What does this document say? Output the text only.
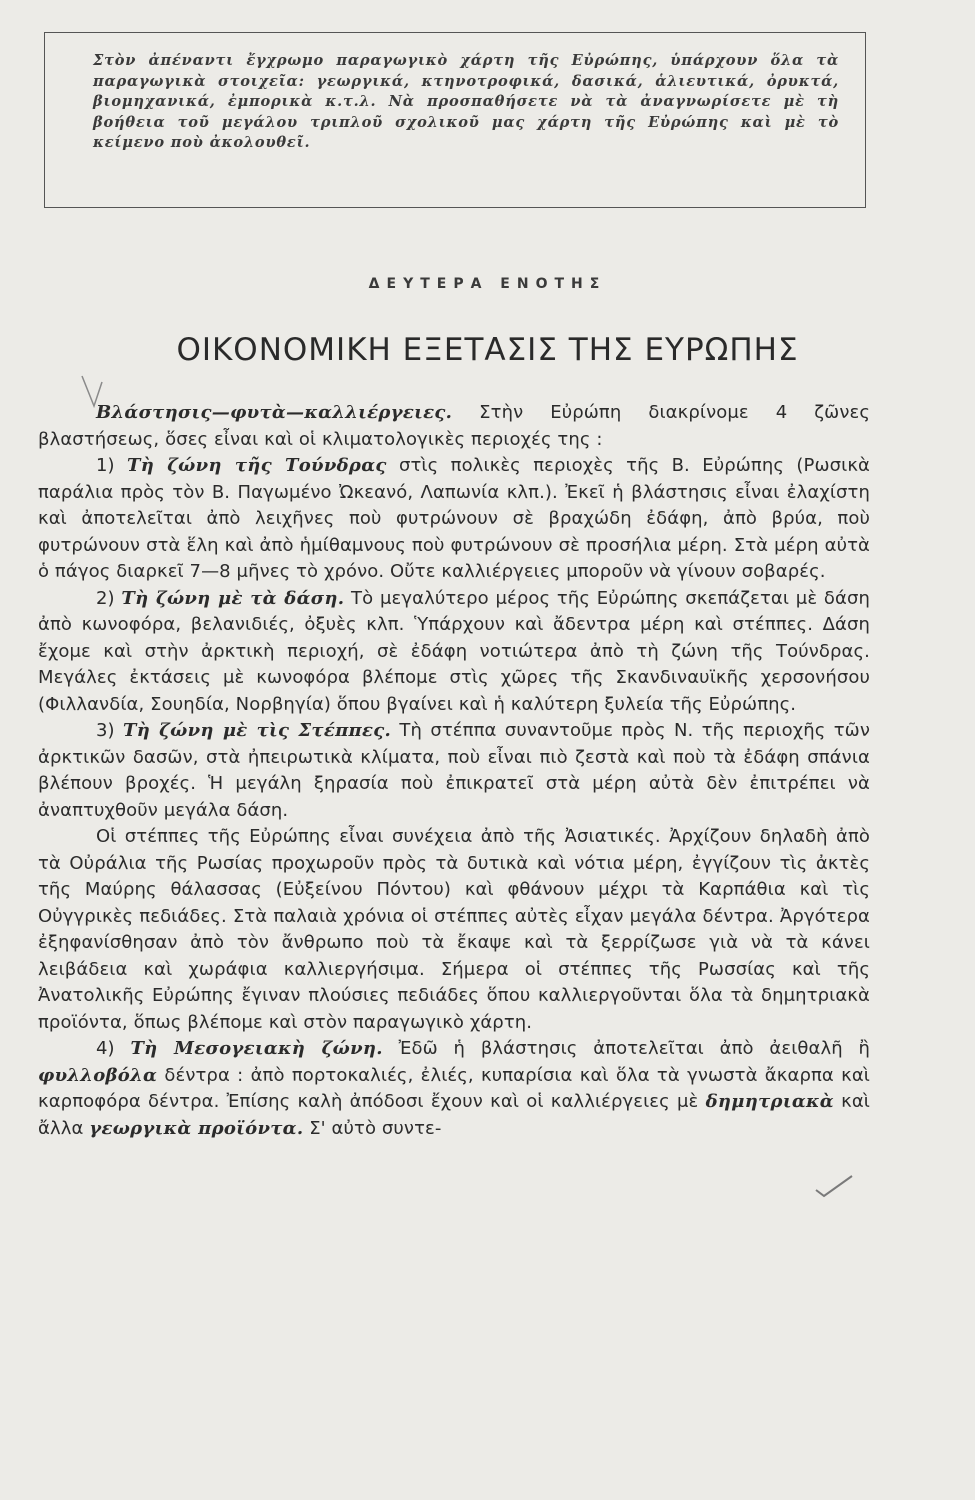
Στὸν ἀπέναντι ἔγχρωμο παραγωγικὸ χάρτη τῆς Εὐρώπης, ὑπάρχουν ὅλα τὰ παραγωγικὰ στοιχεῖα: γεωργικά, κτηνοτροφικά, δασικά, ἁλιευτικά, ὀρυκτά, βιομηχανικά, ἐμπορικὰ κ.τ.λ. Νὰ προσπαθήσετε νὰ τὰ ἀναγνωρίσετε μὲ τὴ βοήθεια τοῦ μεγάλου τριπλοῦ σχολικοῦ μας χάρτη τῆς Εὐρώπης καὶ μὲ τὸ κείμενο ποὺ ἀκολουθεῖ.

ΔΕΥΤΕΡΑ ΕΝΟΤΗΣ
ΟΙΚΟΝΟΜΙΚΗ ΕΞΕΤΑΣΙΣ ΤΗΣ ΕΥΡΩΠΗΣ

Βλάστησις—φυτὰ—καλλιέργειες. Στὴν Εὐρώπη διακρίνομε 4 ζῶνες βλαστήσεως, ὅσες εἶναι καὶ οἱ κλιματολογικὲς περιοχές της :

1) Τὴ ζώνη τῆς Τούνδρας στὶς πολικὲς περιοχὲς τῆς Β. Εὐρώπης (Ρωσικὰ παράλια πρὸς τὸν Β. Παγωμένο Ὠκεανό, Λαπωνία κλπ.). Ἐκεῖ ἡ βλάστησις εἶναι ἐλαχίστη καὶ ἀποτελεῖται ἀπὸ λειχῆνες ποὺ φυτρώνουν σὲ βραχώδη ἐδάφη, ἀπὸ βρύα, ποὺ φυτρώνουν στὰ ἕλη καὶ ἀπὸ ἡμίθαμνους ποὺ φυτρώνουν σὲ προσήλια μέρη. Στὰ μέρη αὐτὰ ὁ πάγος διαρκεῖ 7—8 μῆνες τὸ χρόνο. Οὔτε καλλιέργειες μποροῦν νὰ γίνουν σοβαρές.

2) Τὴ ζώνη μὲ τὰ δάση. Τὸ μεγαλύτερο μέρος τῆς Εὐρώπης σκεπάζεται μὲ δάση ἀπὸ κωνοφόρα, βελανιδιές, ὀξυὲς κλπ. Ὑπάρχουν καὶ ἄδεντρα μέρη καὶ στέππες. Δάση ἔχομε καὶ στὴν ἀρκτικὴ περιοχή, σὲ ἐδάφη νοτιώτερα ἀπὸ τὴ ζώνη τῆς Τούνδρας. Μεγάλες ἐκτάσεις μὲ κωνοφόρα βλέπομε στὶς χῶρες τῆς Σκανδιναυϊκῆς χερσονήσου (Φιλλανδία, Σουηδία, Νορβηγία) ὅπου βγαίνει καὶ ἡ καλύτερη ξυλεία τῆς Εὐρώπης.

3) Τὴ ζώνη μὲ τὶς Στέππες. Τὴ στέππα συναντοῦμε πρὸς Ν. τῆς περιοχῆς τῶν ἀρκτικῶν δασῶν, στὰ ἠπειρωτικὰ κλίματα, ποὺ εἶναι πιὸ ζεστὰ καὶ ποὺ τὰ ἐδάφη σπάνια βλέπουν βροχές. Ἡ μεγάλη ξηρασία ποὺ ἐπικρατεῖ στὰ μέρη αὐτὰ δὲν ἐπιτρέπει νὰ ἀναπτυχθοῦν μεγάλα δάση.

Οἱ στέππες τῆς Εὐρώπης εἶναι συνέχεια ἀπὸ τῆς Ἀσιατικές. Ἀρχίζουν δηλαδὴ ἀπὸ τὰ Οὐράλια τῆς Ρωσίας προχωροῦν πρὸς τὰ δυτικὰ καὶ νότια μέρη, ἐγγίζουν τὶς ἀκτὲς τῆς Μαύρης θάλασσας (Εὐξείνου Πόντου) καὶ φθάνουν μέχρι τὰ Καρπάθια καὶ τὶς Οὐγγρικὲς πεδιάδες. Στὰ παλαιὰ χρόνια οἱ στέππες αὐτὲς εἶχαν μεγάλα δέντρα. Ἀργότερα ἐξηφανίσθησαν ἀπὸ τὸν ἄνθρωπο ποὺ τὰ ἔκαψε καὶ τὰ ξερρίζωσε γιὰ νὰ τὰ κάνει λειβάδεια καὶ χωράφια καλλιεργήσιμα. Σήμερα οἱ στέππες τῆς Ρωσσίας καὶ τῆς Ἀνατολικῆς Εὐρώπης ἔγιναν πλούσιες πεδιάδες ὅπου καλλιεργοῦνται ὅλα τὰ δημητριακὰ προϊόντα, ὅπως βλέπομε καὶ στὸν παραγωγικὸ χάρτη.

4) Τὴ Μεσογειακὴ ζώνη. Ἐδῶ ἡ βλάστησις ἀποτελεῖται ἀπὸ ἀειθαλῆ ἢ φυλλοβόλα δέντρα : ἀπὸ πορτοκαλιές, ἐλιές, κυπαρίσια καὶ ὅλα τὰ γνωστὰ ἄκαρπα καὶ καρποφόρα δέντρα. Ἐπίσης καλὴ ἀπόδοσι ἔχουν καὶ οἱ καλλιέργειες μὲ δημητριακὰ καὶ ἄλλα γεωργικὰ προϊόντα. Σ' αὐτὸ συντε-
